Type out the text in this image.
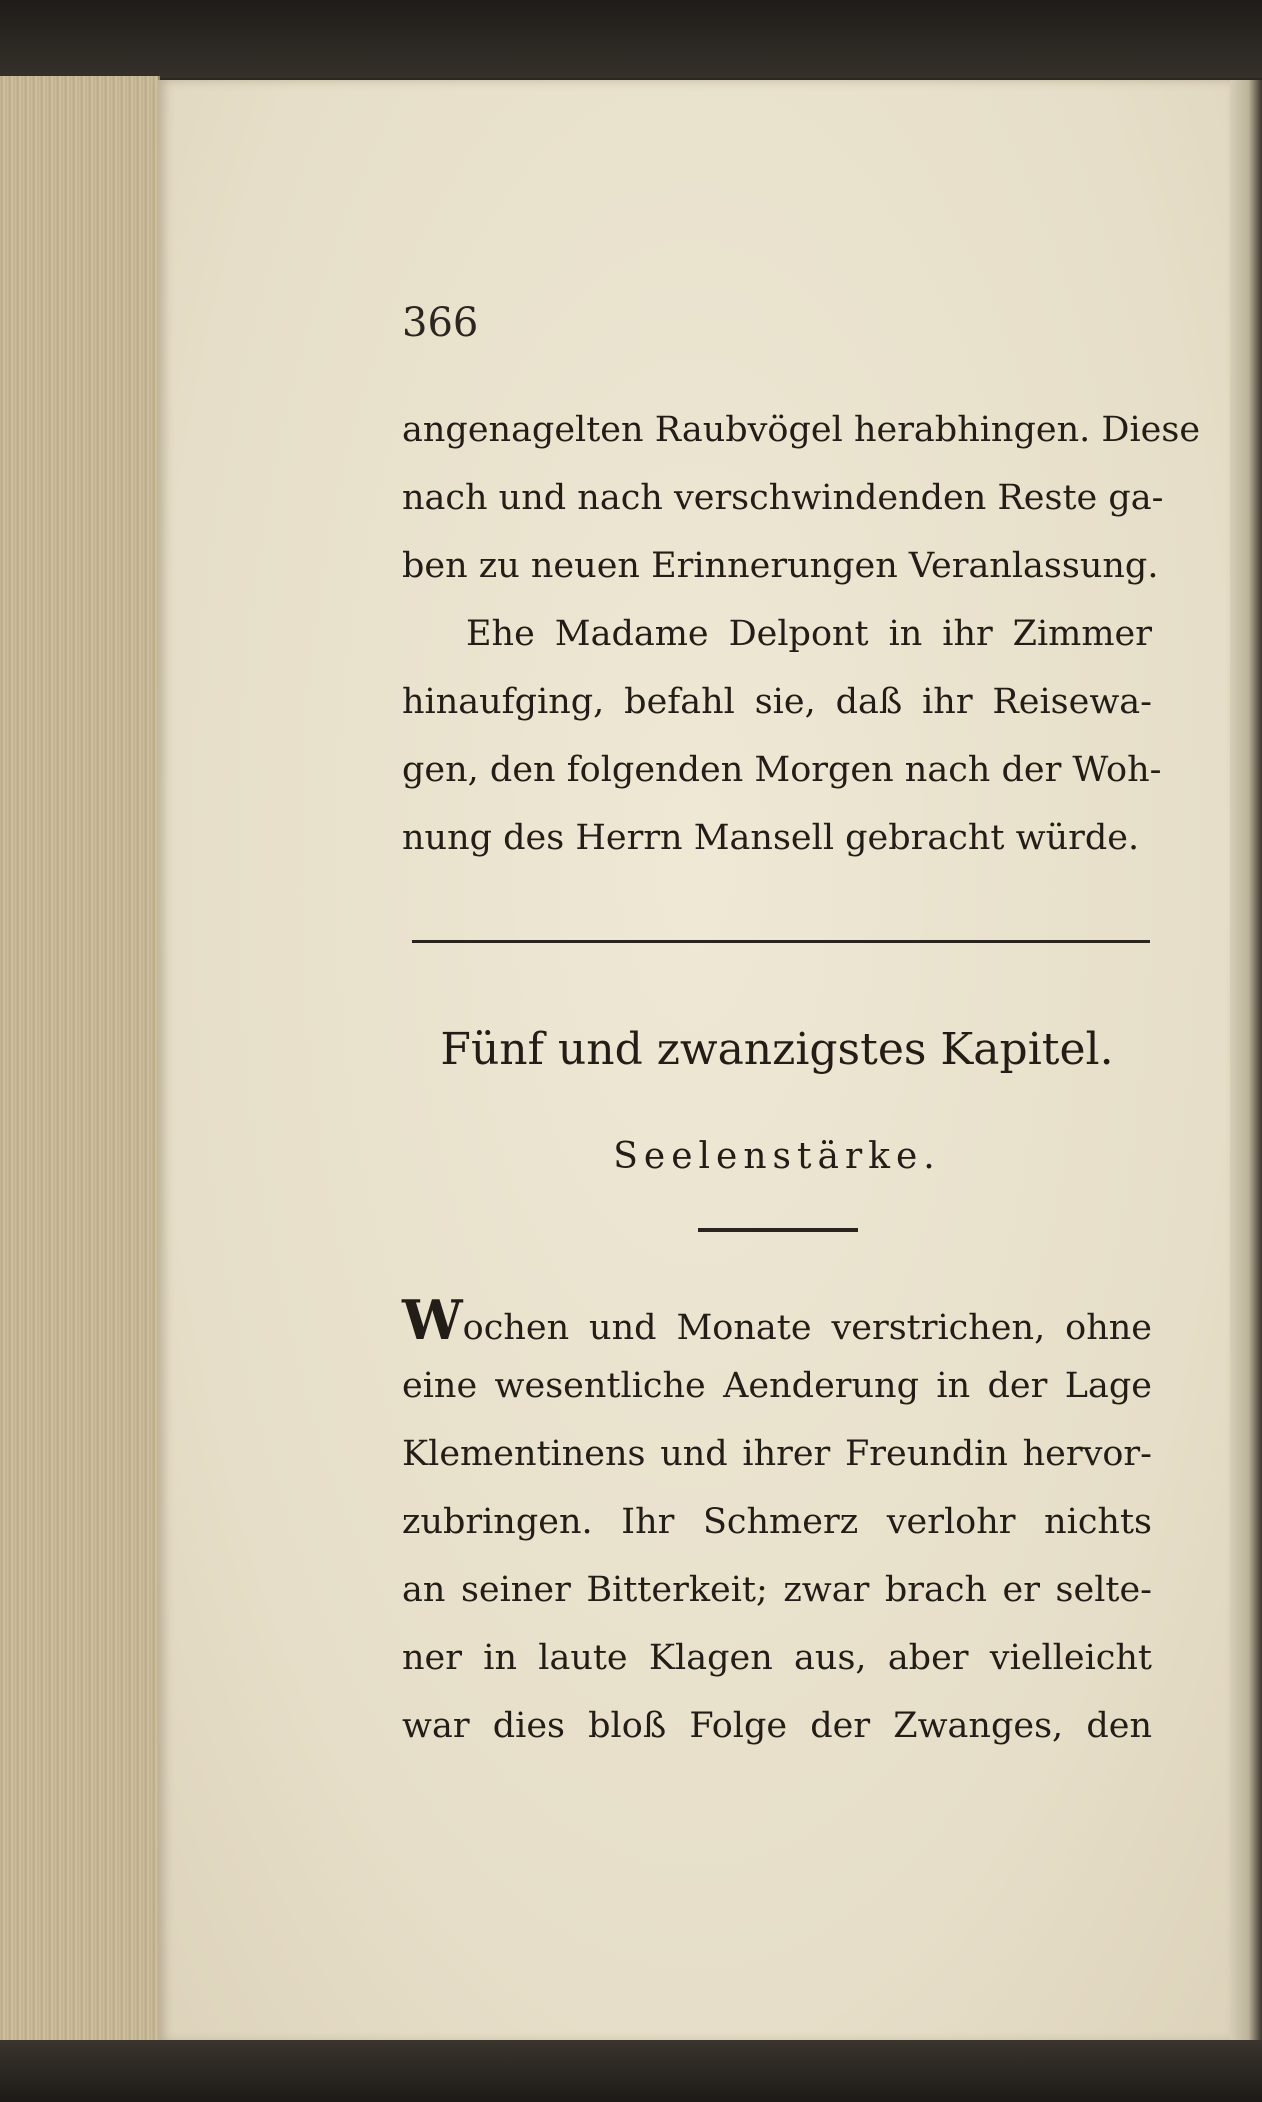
366
angenagelten Raubvögel herabhingen. Diese
nach und nach verschwindenden Reste ga-
ben zu neuen Erinnerungen Veranlassung.
Ehe Madame Delpont in ihr Zimmer
hinaufging, befahl sie, daß ihr Reisewa-
gen, den folgenden Morgen nach der Woh-
nung des Herrn Mansell gebracht würde.
Fünf und zwanzigstes Kapitel.
Seelenstärke.
Wochen und Monate verstrichen, ohne
eine wesentliche Aenderung in der Lage
Klementinens und ihrer Freundin hervor-
zubringen. Ihr Schmerz verlohr nichts
an seiner Bitterkeit; zwar brach er selte-
ner in laute Klagen aus, aber vielleicht
war dies bloß Folge der Zwanges, den
